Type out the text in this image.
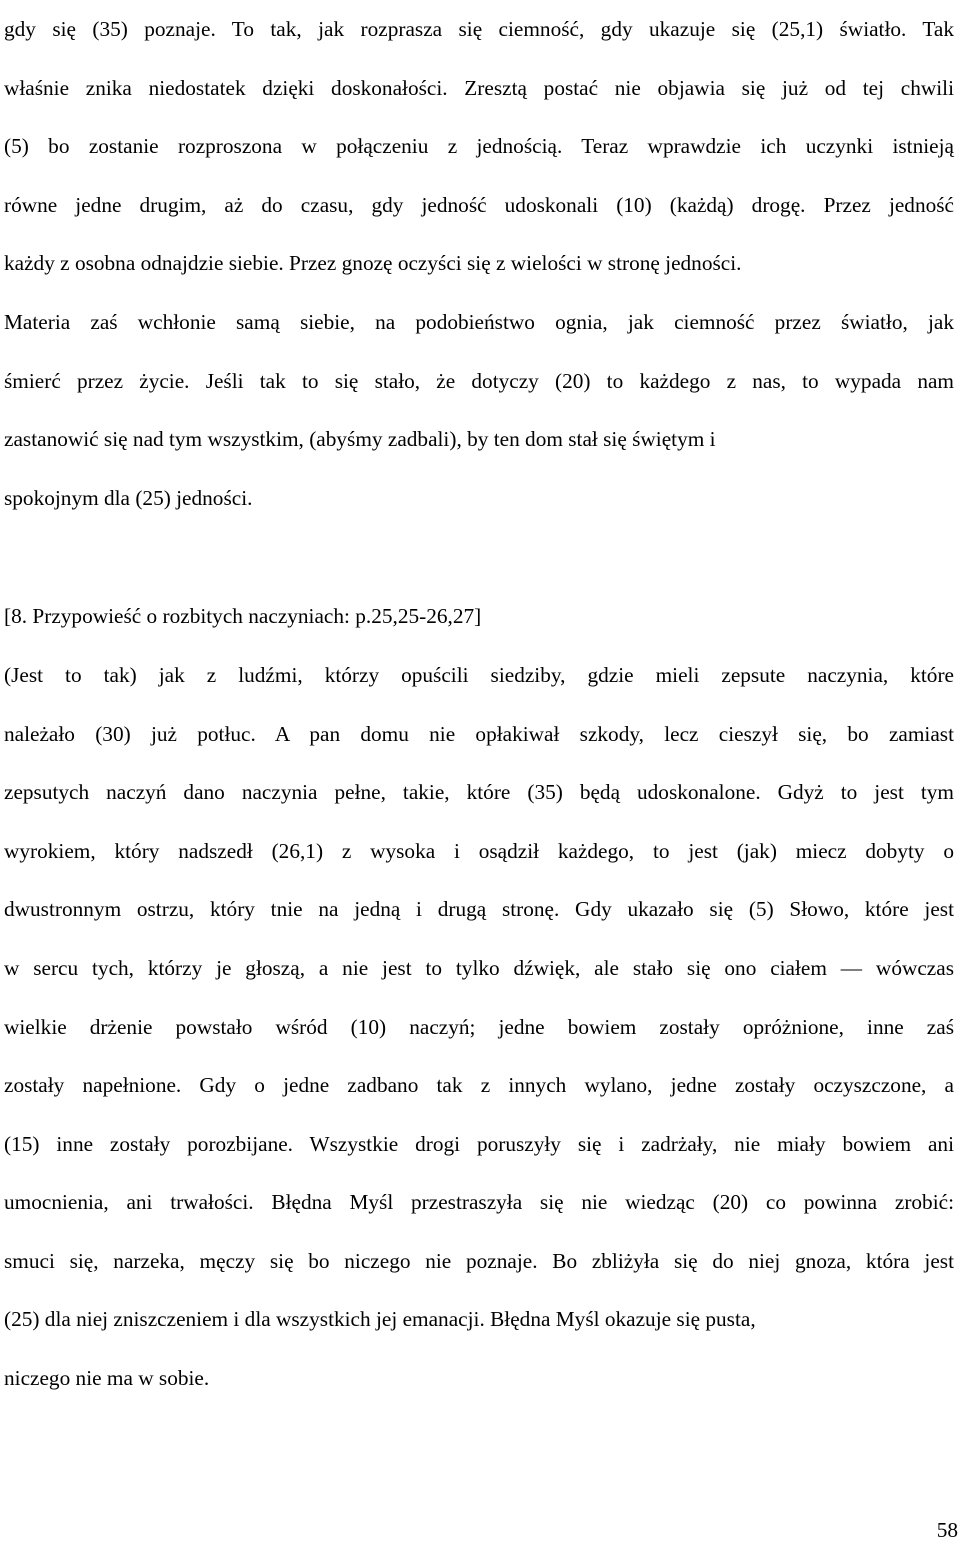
gdy się (35) poznaje. To tak, jak rozprasza się ciemność, gdy ukazuje się (25,1) światło. Tak
właśnie znika niedostatek dzięki doskonałości. Zresztą postać nie objawia się już od tej chwili
(5) bo zostanie rozproszona w połączeniu z jednością. Teraz wprawdzie ich uczynki istnieją
równe jedne drugim, aż do czasu, gdy jedność udoskonali (10) (każdą) drogę. Przez jedność
każdy z osobna odnajdzie siebie. Przez gnozę oczyści się z wielości w stronę jedności.
Materia zaś wchłonie samą siebie, na podobieństwo ognia, jak ciemność przez światło, jak
śmierć przez życie. Jeśli tak to się stało, że dotyczy (20) to każdego z nas, to wypada nam
zastanowić się nad tym wszystkim, (abyśmy zadbali), by ten dom stał się świętym i
spokojnym dla (25) jedności.
[8. Przypowieść o rozbitych naczyniach: p.25,25-26,27]
(Jest to tak) jak z ludźmi, którzy opuścili siedziby, gdzie mieli zepsute naczynia, które
należało (30) już potłuc. A pan domu nie opłakiwał szkody, lecz cieszył się, bo zamiast
zepsutych naczyń dano naczynia pełne, takie, które (35) będą udoskonalone. Gdyż to jest tym
wyrokiem, który nadszedł (26,1) z wysoka i osądził każdego, to jest (jak) miecz dobyty o
dwustronnym ostrzu, który tnie na jedną i drugą stronę. Gdy ukazało się (5) Słowo, które jest
w sercu tych, którzy je głoszą, a nie jest to tylko dźwięk, ale stało się ono ciałem — wówczas
wielkie drżenie powstało wśród (10) naczyń; jedne bowiem zostały opróżnione, inne zaś
zostały napełnione. Gdy o jedne zadbano tak z innych wylano, jedne zostały oczyszczone, a
(15) inne zostały porozbijane. Wszystkie drogi poruszyły się i zadrżały, nie miały bowiem ani
umocnienia, ani trwałości. Błędna Myśl przestraszyła się nie wiedząc (20) co powinna zrobić:
smuci się, narzeka, męczy się bo niczego nie poznaje. Bo zbliżyła się do niej gnoza, która jest
(25) dla niej zniszczeniem i dla wszystkich jej emanacji. Błędna Myśl okazuje się pusta,
niczego nie ma w sobie.
58
